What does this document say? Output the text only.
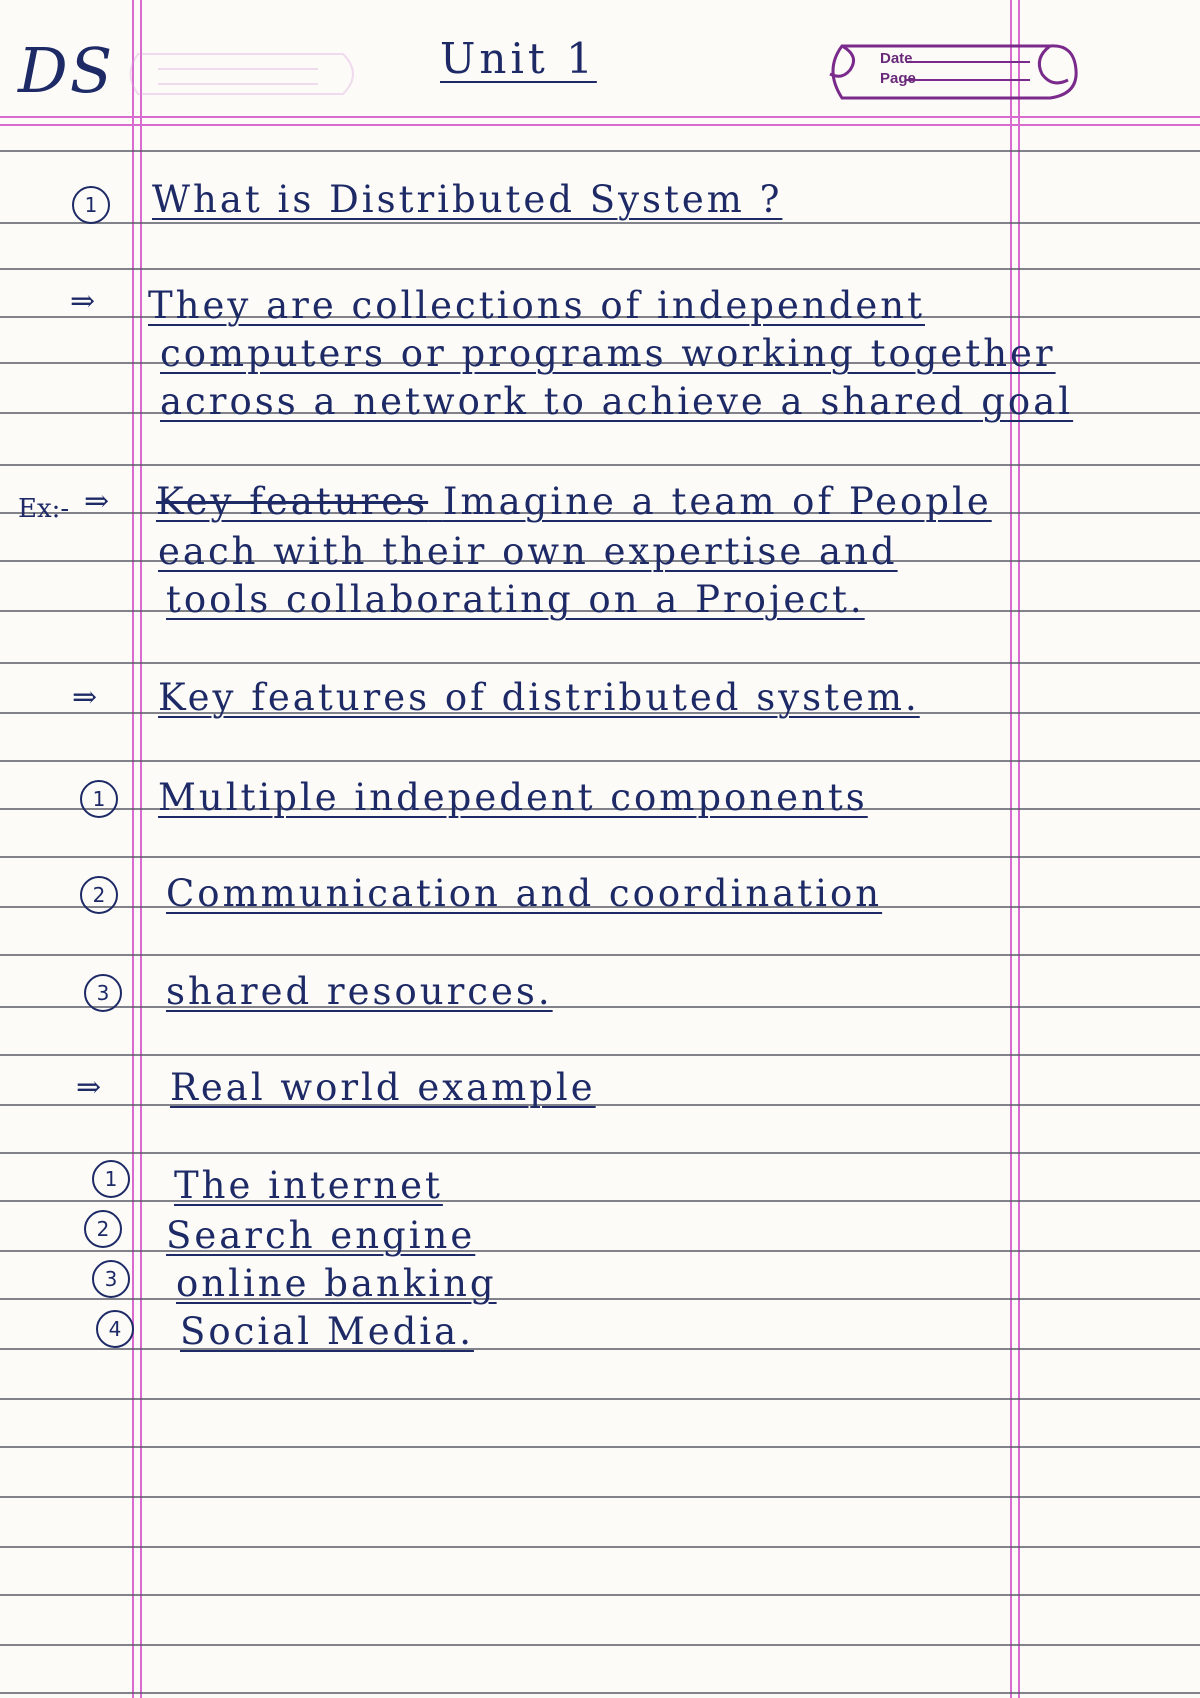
DS	Unit 1	Date
Page
1	What is Distributed System ?
⇒ They are collections of independent
computers or programs working together
across a network to achieve a shared goal
Ex:- ⇒ Key features Imagine a team of People
each with their own expertise and
tools collaborating on a Project.
⇒ Key features of distributed system.
1	Multiple indepedent components
2	Communication and coordination
3	shared resources.
⇒ Real world example
1	The internet
2	Search engine
3	online banking
4	Social Media.
